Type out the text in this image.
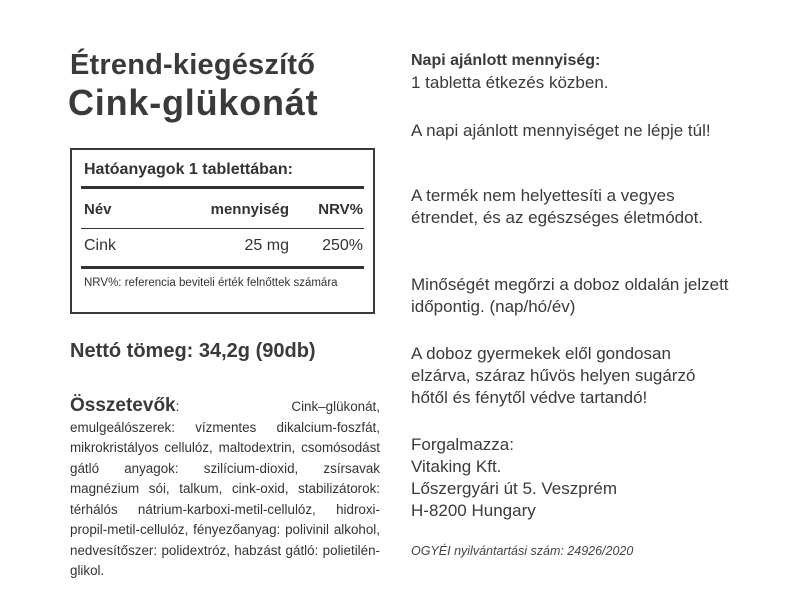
Étrend-kiegészítő
Cink-glükonát
Hatóanyagok 1 tablettában:
Név	mennyiség NRV%
Cink	25 mg 250%
NRV%: referencia beviteli érték felnőttek számára
Nettó tömeg: 34,2g (90db)
Összetevők: Cink–glükonát, emulgeálószerek: vízmentes dikalcium-foszfát, mikrokristályos cellulóz, maltodextrin, csomósodást gátló anyagok: szilícium-dioxid, zsírsavak magnézium sói, talkum, cink-oxid, stabilizátorok: térhálós nátrium-karboxi-metil-cellulóz, hidroxi-propil-metil-cellulóz, fényezőanyag: polivinil alkohol, nedvesítőszer: polidextróz, habzást gátló: polietilén-glikol.
Napi ajánlott mennyiség:
1 tabletta étkezés közben.
A napi ajánlott mennyiséget ne lépje túl!
A termék nem helyettesíti a vegyes étrendet, és az egészséges életmódot.
Minőségét megőrzi a doboz oldalán jelzett időpontig. (nap/hó/év)
A doboz gyermekek elől gondosan elzárva, száraz hűvös helyen sugárzó hőtől és fénytől védve tartandó!
Forgalmazza:
Vitaking Kft.
Lőszergyári út 5. Veszprém
H-8200 Hungary
OGYÉI nyilvántartási szám: 24926/2020
